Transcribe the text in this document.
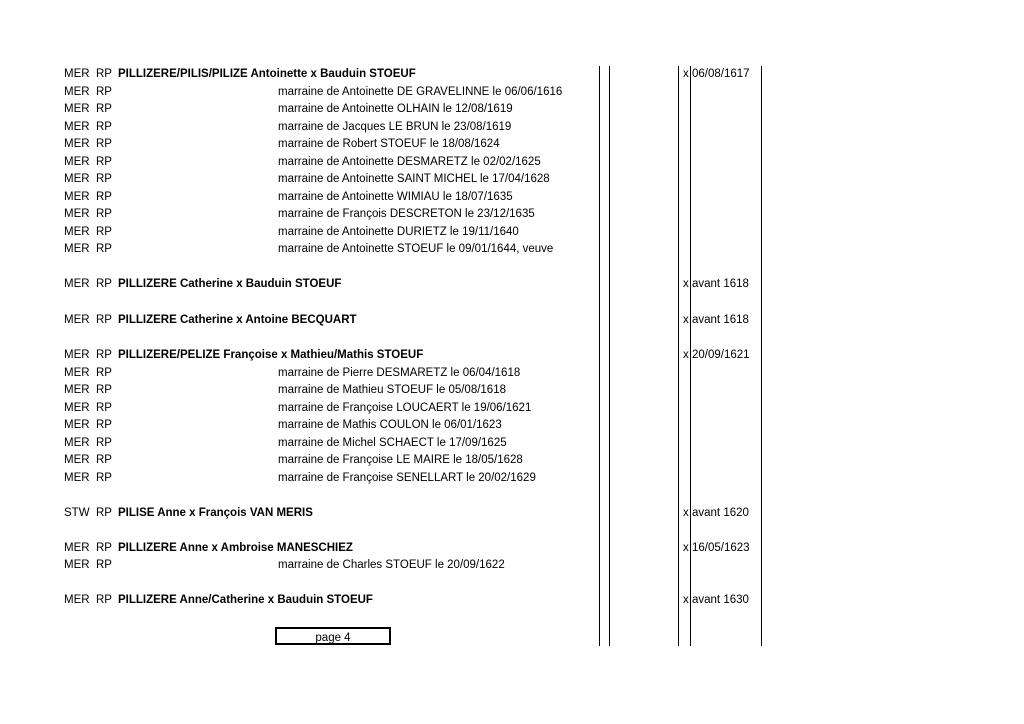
MER RP PILLIZERE/PILIS/PILIZE Antoinette x Bauduin STOEUF	x 06/08/1617
MER RP	marraine de Antoinette DE GRAVELINNE le 06/06/1616
MER RP	marraine de Antoinette OLHAIN le 12/08/1619
MER RP	marraine de Jacques LE BRUN le 23/08/1619
MER RP	marraine de Robert STOEUF le 18/08/1624
MER RP	marraine de Antoinette DESMARETZ le 02/02/1625
MER RP	marraine de Antoinette SAINT MICHEL le 17/04/1628
MER RP	marraine de Antoinette WIMIAU le 18/07/1635
MER RP	marraine de François DESCRETON le 23/12/1635
MER RP	marraine de Antoinette DURIETZ le 19/11/1640
MER RP	marraine de Antoinette STOEUF le 09/01/1644, veuve
MER RP PILLIZERE Catherine x Bauduin STOEUF	x avant 1618
MER RP PILLIZERE Catherine x Antoine BECQUART	x avant 1618
MER RP PILLIZERE/PELIZE Françoise x Mathieu/Mathis STOEUF	x 20/09/1621
MER RP	marraine de Pierre DESMARETZ le 06/04/1618
MER RP	marraine de Mathieu STOEUF le 05/08/1618
MER RP	marraine de Françoise LOUCAERT le 19/06/1621
MER RP	marraine de Mathis COULON le 06/01/1623
MER RP	marraine de Michel SCHAECT le 17/09/1625
MER RP	marraine de Françoise LE MAIRE le 18/05/1628
MER RP	marraine de Françoise SENELLART le 20/02/1629
STW RP PILISE Anne x François VAN MERIS	x avant 1620
MER RP PILLIZERE Anne x Ambroise MANESCHIEZ	x 16/05/1623
MER RP	marraine de Charles STOEUF le 20/09/1622
MER RP PILLIZERE Anne/Catherine x Bauduin STOEUF	x avant 1630
page 4
